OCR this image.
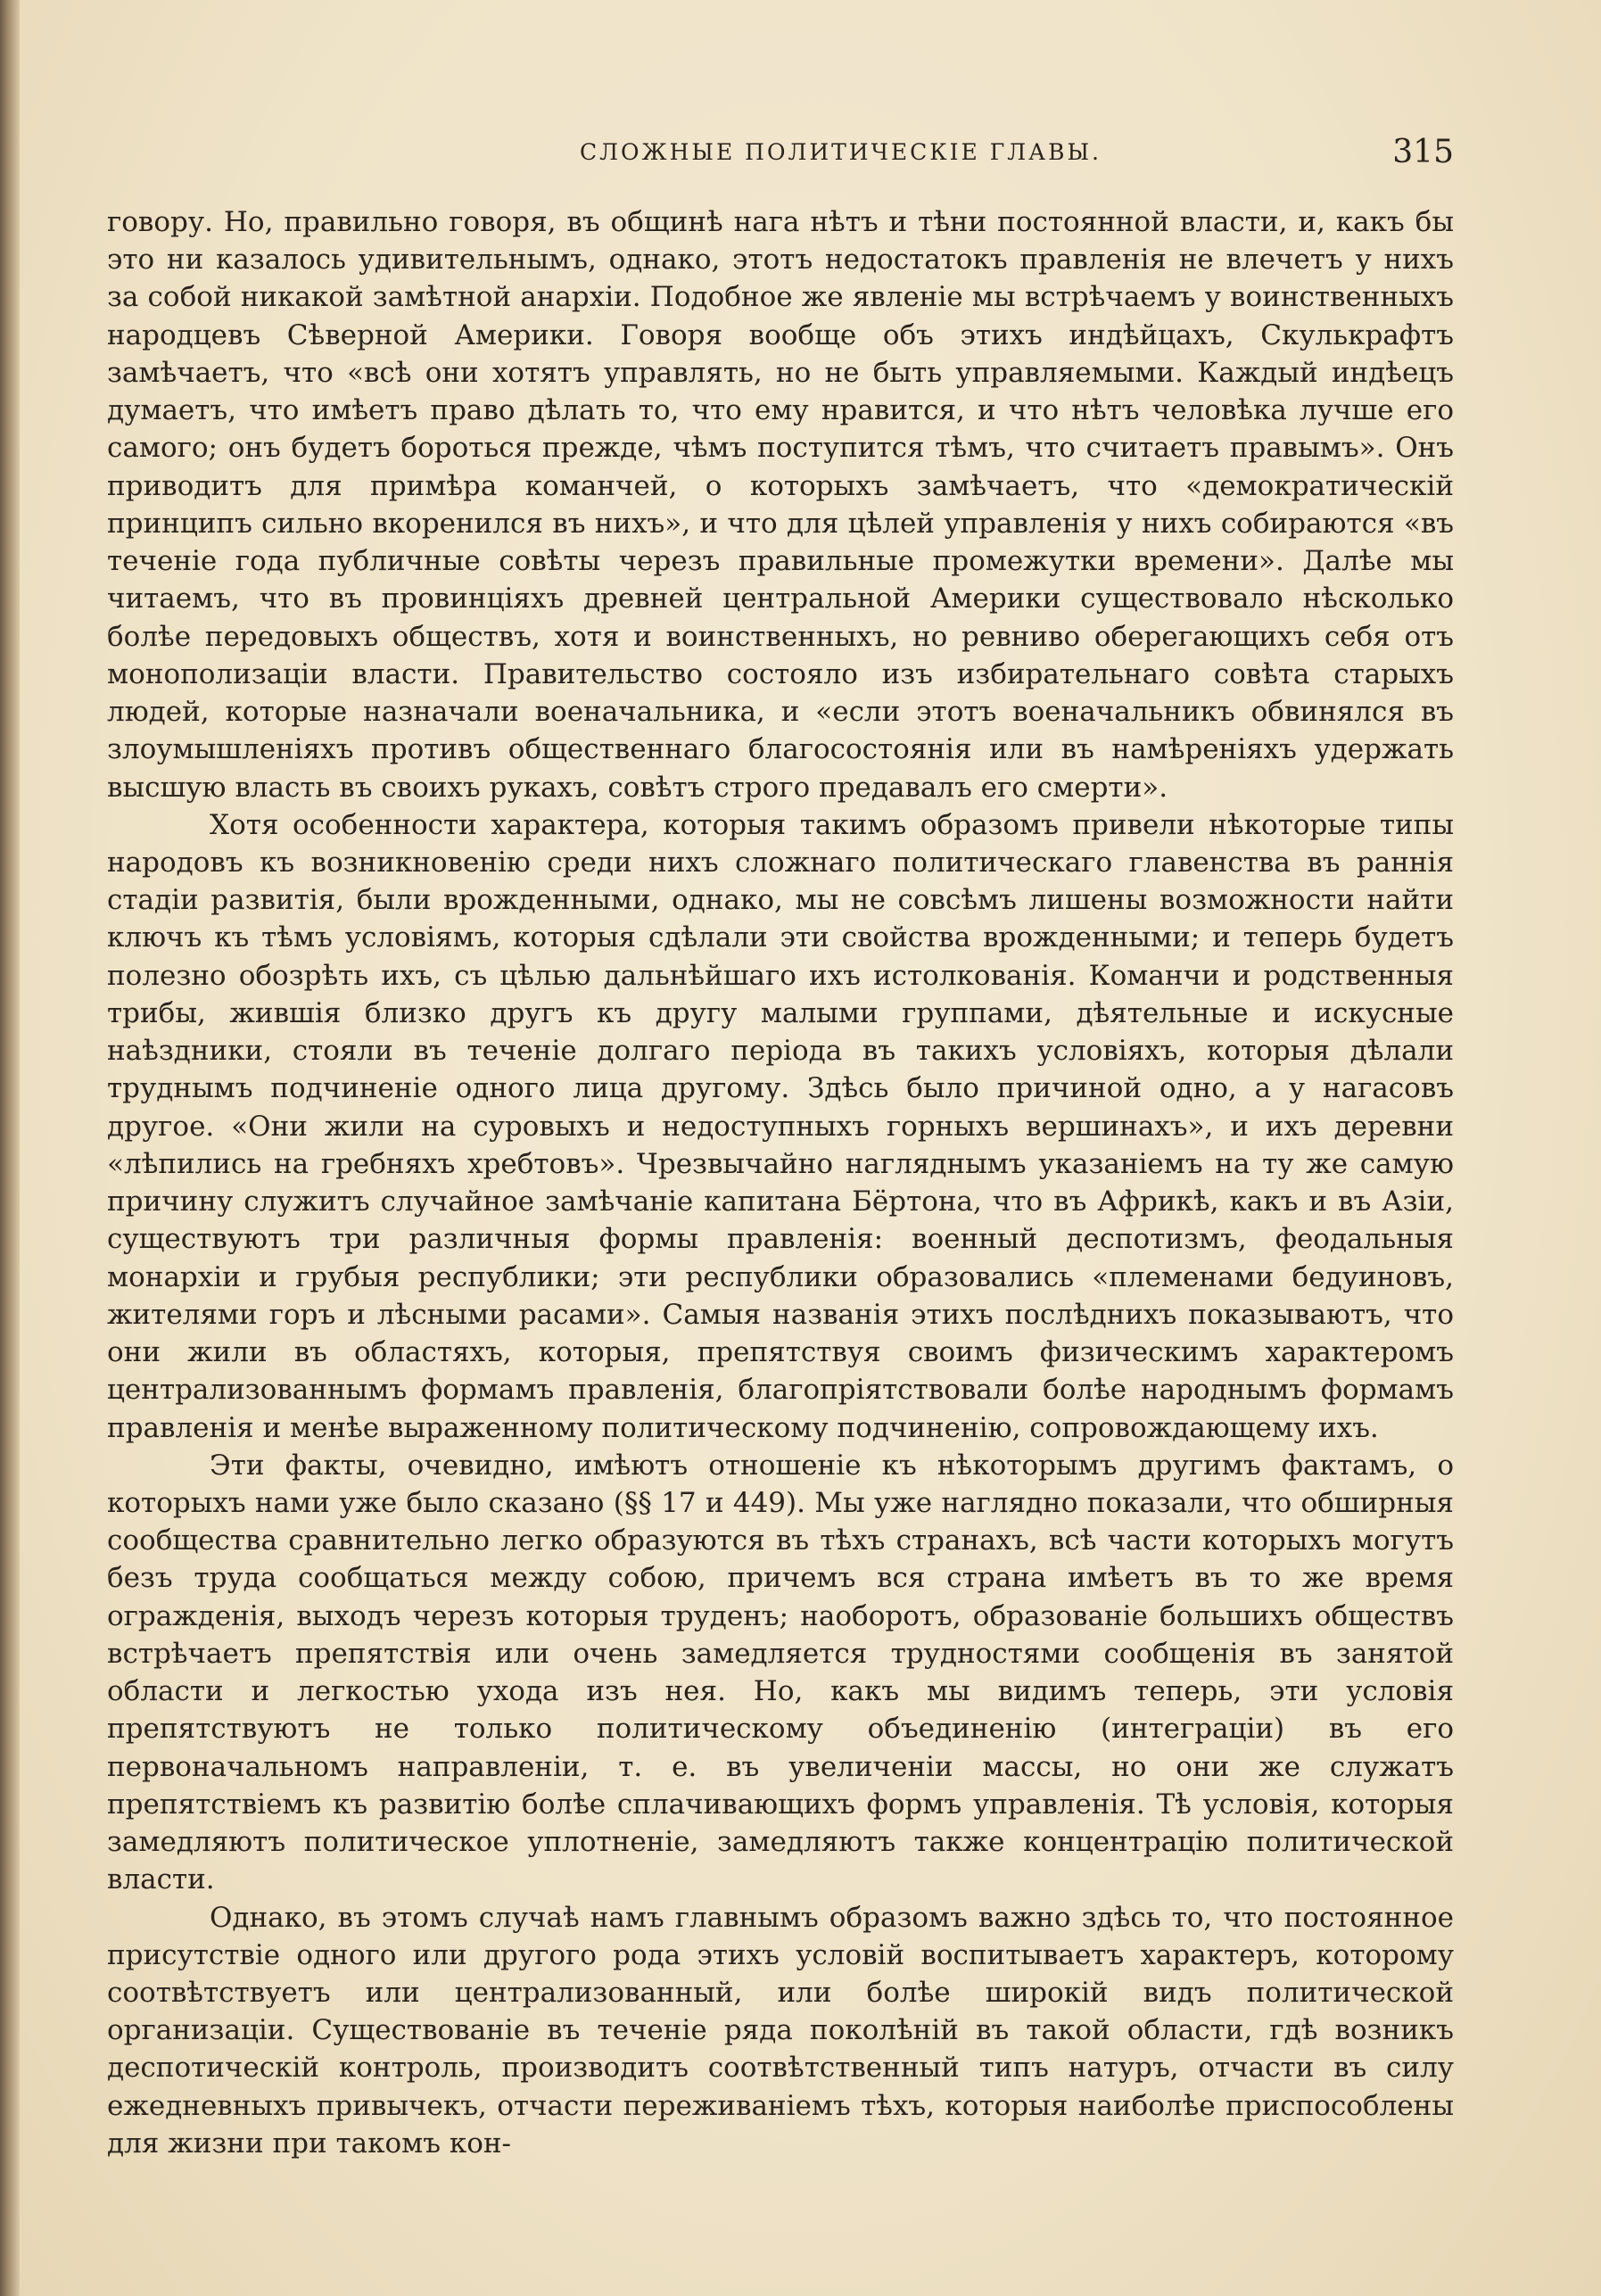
СЛОЖНЫЕ ПОЛИТИЧЕСКІЕ ГЛАВЫ.	315

говору. Но, правильно говоря, въ общинѣ нага нѣтъ и тѣни постоянной власти, и, какъ бы это ни казалось удивительнымъ, однако, этотъ недостатокъ правленія не влечетъ у нихъ за собой никакой замѣтной анархіи. Подобное же явленіе мы встрѣчаемъ у воинственныхъ народцевъ Сѣверной Америки. Говоря вообще объ этихъ индѣйцахъ, Скулькрафтъ замѣчаетъ, что «всѣ они хотятъ управлять, но не быть управляемыми. Каждый индѣецъ думаетъ, что имѣетъ право дѣлать то, что ему нравится, и что нѣтъ человѣка лучше его самого; онъ будетъ бороться прежде, чѣмъ поступится тѣмъ, что считаетъ правымъ». Онъ приводитъ для примѣра команчей, о которыхъ замѣчаетъ, что «демократическій принципъ сильно вкоренился въ нихъ», и что для цѣлей управленія у нихъ собираются «въ теченіе года публичные совѣты черезъ правильные промежутки времени». Далѣе мы читаемъ, что въ провинціяхъ древней центральной Америки существовало нѣсколько болѣе передовыхъ обществъ, хотя и воинственныхъ, но ревниво оберегающихъ себя отъ монополизаціи власти. Правительство состояло изъ избирательнаго совѣта старыхъ людей, которые назначали военачальника, и «если этотъ военачальникъ обвинялся въ злоумышленіяхъ противъ общественнаго благосостоянія или въ намѣреніяхъ удержать высшую власть въ своихъ рукахъ, совѣтъ строго предавалъ его смерти».

Хотя особенности характера, которыя такимъ образомъ привели нѣкоторые типы народовъ къ возникновенію среди нихъ сложнаго политическаго главенства въ раннія стадіи развитія, были врожденными, однако, мы не совсѣмъ лишены возможности найти ключъ къ тѣмъ условіямъ, которыя сдѣлали эти свойства врожденными; и теперь будетъ полезно обозрѣть ихъ, съ цѣлью дальнѣйшаго ихъ истолкованія. Команчи и родственныя трибы, жившія близко другъ къ другу малыми группами, дѣятельные и искусные наѣздники, стояли въ теченіе долгаго періода въ такихъ условіяхъ, которыя дѣлали труднымъ подчиненіе одного лица другому. Здѣсь было причиной одно, а у нагасовъ другое. «Они жили на суровыхъ и недоступныхъ горныхъ вершинахъ», и ихъ деревни «лѣпились на гребняхъ хребтовъ». Чрезвычайно нагляднымъ указаніемъ на ту же самую причину служитъ случайное замѣчаніе капитана Бёртона, что въ Африкѣ, какъ и въ Азіи, существуютъ три различныя формы правленія: военный деспотизмъ, феодальныя монархіи и грубыя республики; эти республики образовались «племенами бедуиновъ, жителями горъ и лѣсными расами». Самыя названія этихъ послѣднихъ показываютъ, что они жили въ областяхъ, которыя, препятствуя своимъ физическимъ характеромъ централизованнымъ формамъ правленія, благопріятствовали болѣе народнымъ формамъ правленія и менѣе выраженному политическому подчиненію, сопровождающему ихъ.

Эти факты, очевидно, имѣютъ отношеніе къ нѣкоторымъ другимъ фактамъ, о которыхъ нами уже было сказано (§§ 17 и 449). Мы уже наглядно показали, что обширныя сообщества сравнительно легко образуются въ тѣхъ странахъ, всѣ части которыхъ могутъ безъ труда сообщаться между собою, причемъ вся страна имѣетъ въ то же время огражденія, выходъ черезъ которыя труденъ; наоборотъ, образованіе большихъ обществъ встрѣчаетъ препятствія или очень замедляется трудностями сообщенія въ занятой области и легкостью ухода изъ нея. Но, какъ мы видимъ теперь, эти условія препятствуютъ не только политическому объединенію (интеграціи) въ его первоначальномъ направленіи, т. е. въ увеличеніи массы, но они же служатъ препятствіемъ къ развитію болѣе сплачивающихъ формъ управленія. Тѣ условія, которыя замедляютъ политическое уплотненіе, замедляютъ также концентрацію политической власти.

Однако, въ этомъ случаѣ намъ главнымъ образомъ важно здѣсь то, что постоянное присутствіе одного или другого рода этихъ условій воспитываетъ характеръ, которому соотвѣтствуетъ или централизованный, или болѣе широкій видъ политической организаціи. Существованіе въ теченіе ряда поколѣній въ такой области, гдѣ возникъ деспотическій контроль, производитъ соотвѣтственный типъ натуръ, отчасти въ силу ежедневныхъ привычекъ, отчасти переживаніемъ тѣхъ, которыя наиболѣе приспособлены для жизни при такомъ кон-
